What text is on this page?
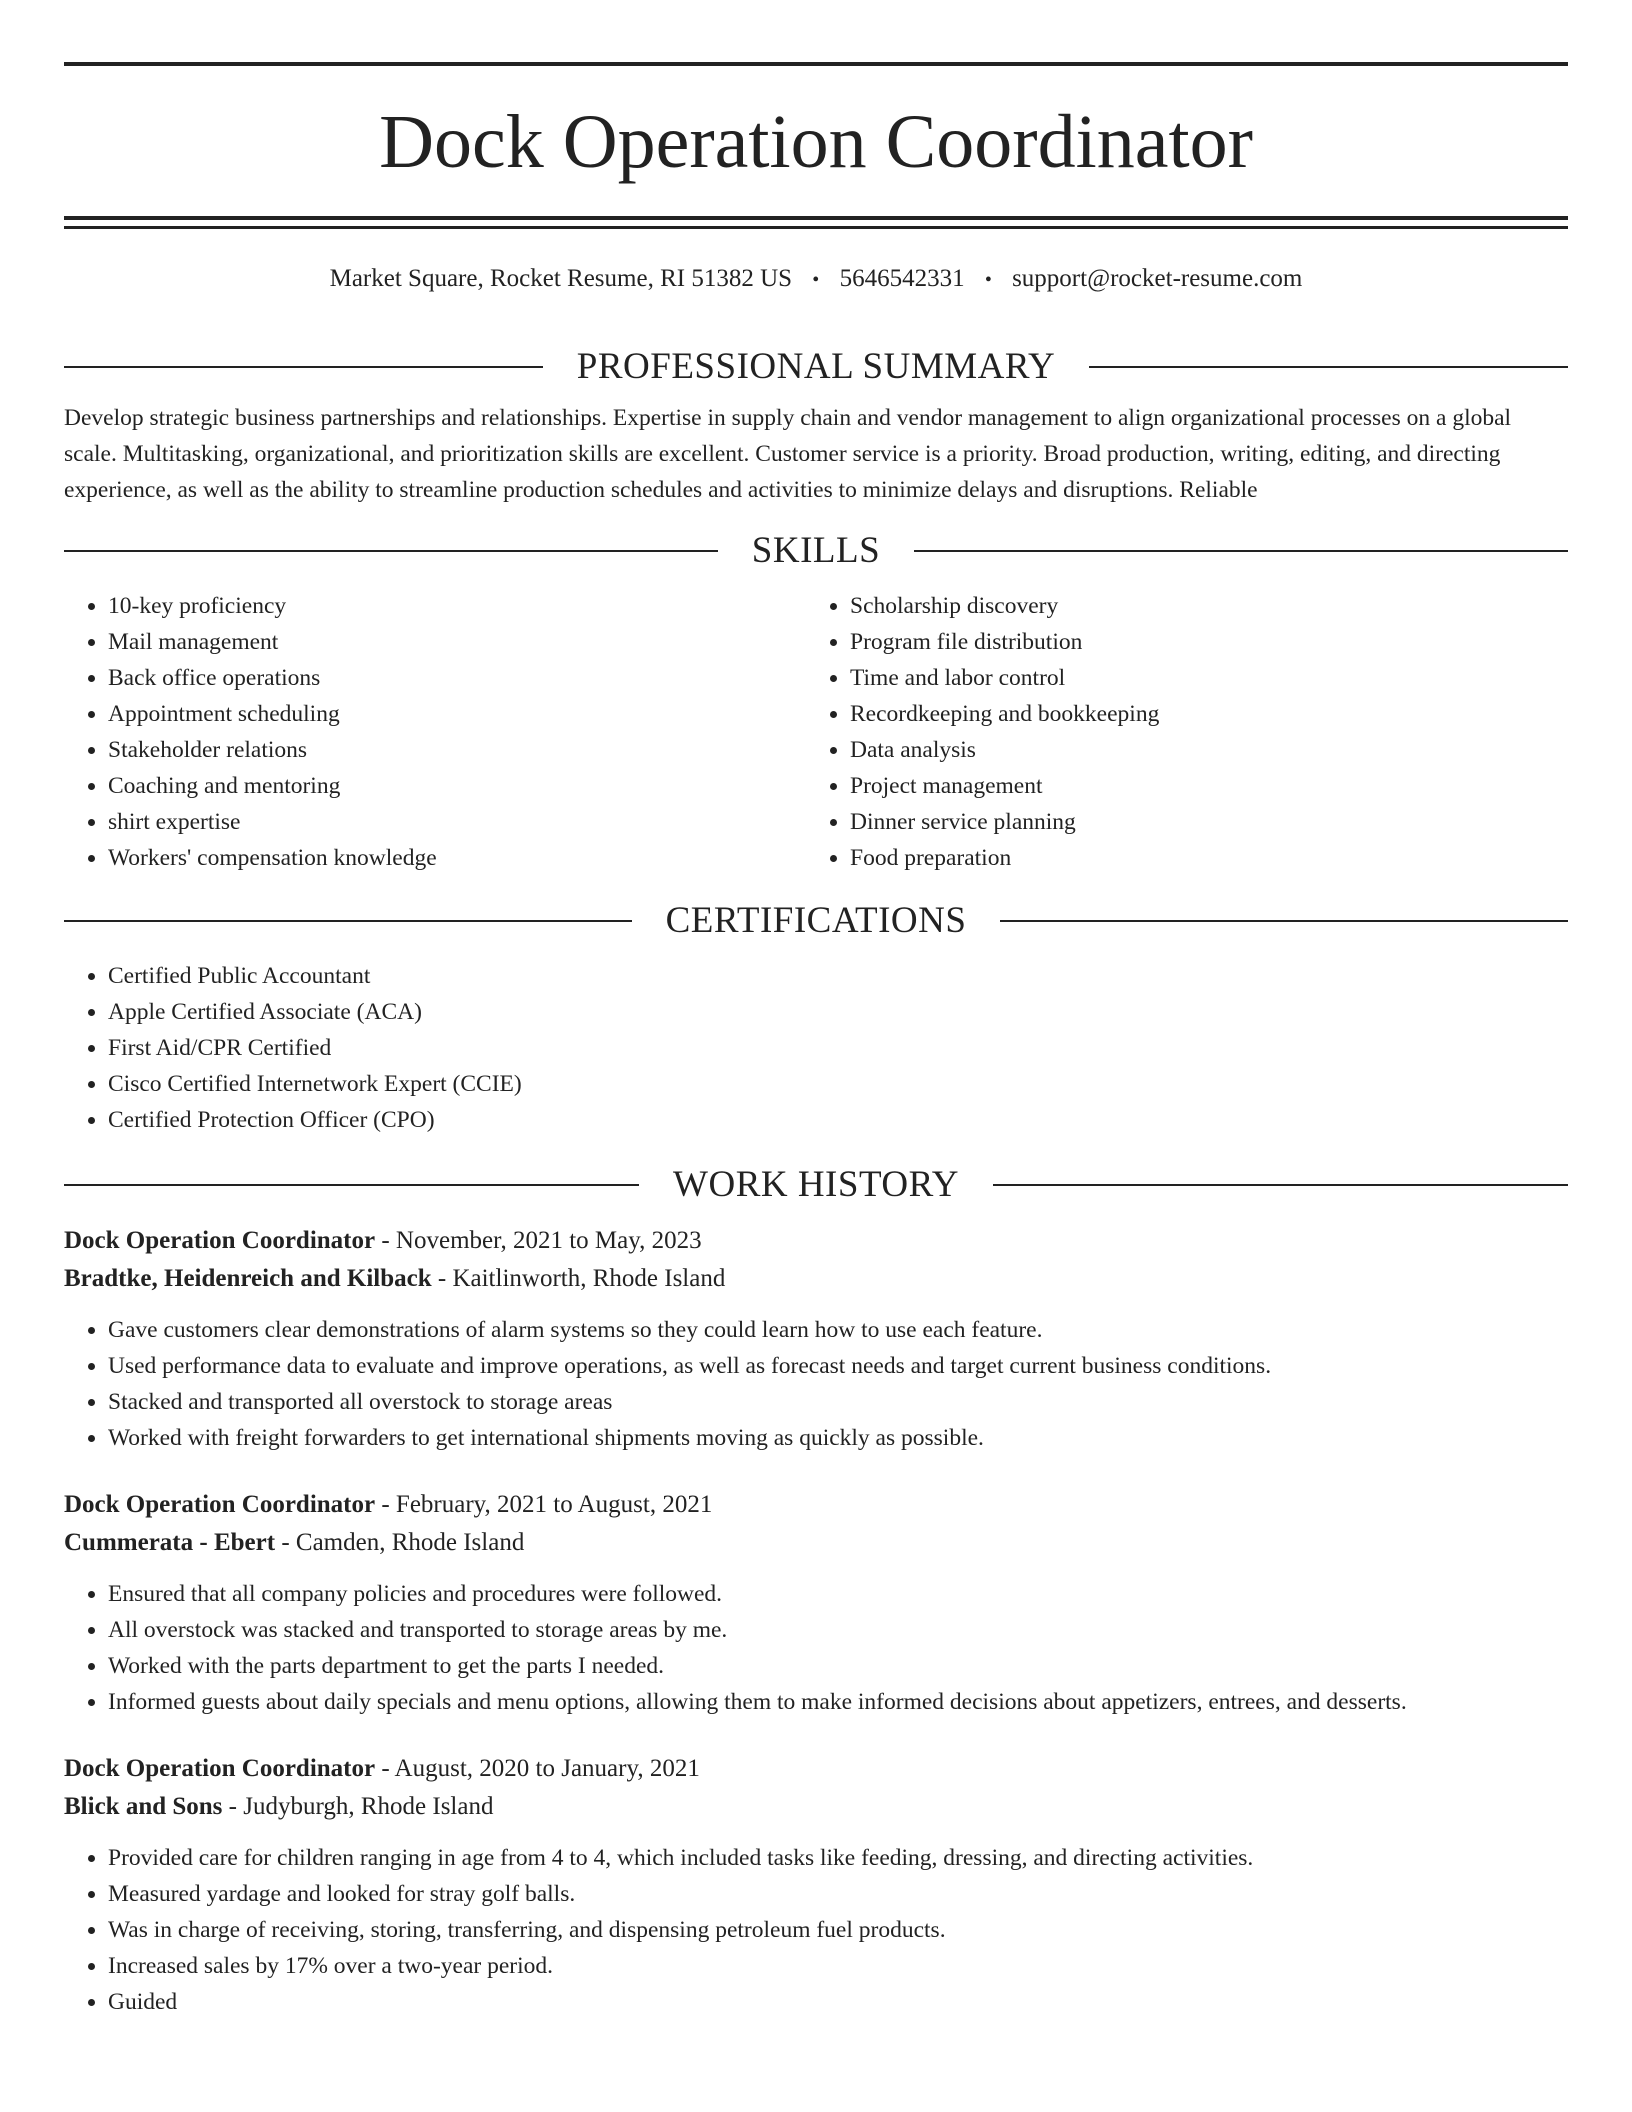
Dock Operation Coordinator
Market Square, Rocket Resume, RI 51382 US • 5646542331 • support@rocket-resume.com
PROFESSIONAL SUMMARY

Develop strategic business partnerships and relationships. Expertise in supply chain and vendor management to align organizational processes on a global scale. Multitasking, organizational, and prioritization skills are excellent. Customer service is a priority. Broad production, writing, editing, and directing experience, as well as the ability to streamline production schedules and activities to minimize delays and disruptions. Reliable

SKILLS
• 10-key proficiency
• Mail management
• Back office operations
• Appointment scheduling
• Stakeholder relations
• Coaching and mentoring
• shirt expertise
• Workers' compensation knowledge
• Scholarship discovery
• Program file distribution
• Time and labor control
• Recordkeeping and bookkeeping
• Data analysis
• Project management
• Dinner service planning
• Food preparation
CERTIFICATIONS
• Certified Public Accountant
• Apple Certified Associate (ACA)
• First Aid/CPR Certified
• Cisco Certified Internetwork Expert (CCIE)
• Certified Protection Officer (CPO)
WORK HISTORY
Dock Operation Coordinator - November, 2021 to May, 2023
Bradtke, Heidenreich and Kilback - Kaitlinworth, Rhode Island
• Gave customers clear demonstrations of alarm systems so they could learn how to use each feature.
• Used performance data to evaluate and improve operations, as well as forecast needs and target current business conditions.
• Stacked and transported all overstock to storage areas
• Worked with freight forwarders to get international shipments moving as quickly as possible.
Dock Operation Coordinator - February, 2021 to August, 2021
Cummerata - Ebert - Camden, Rhode Island
• Ensured that all company policies and procedures were followed.
• All overstock was stacked and transported to storage areas by me.
• Worked with the parts department to get the parts I needed.
• Informed guests about daily specials and menu options, allowing them to make informed decisions about appetizers, entrees, and desserts.
Dock Operation Coordinator - August, 2020 to January, 2021
Blick and Sons - Judyburgh, Rhode Island
• Provided care for children ranging in age from 4 to 4, which included tasks like feeding, dressing, and directing activities.
• Measured yardage and looked for stray golf balls.
• Was in charge of receiving, storing, transferring, and dispensing petroleum fuel products.
• Increased sales by 17% over a two-year period.
• Guided
